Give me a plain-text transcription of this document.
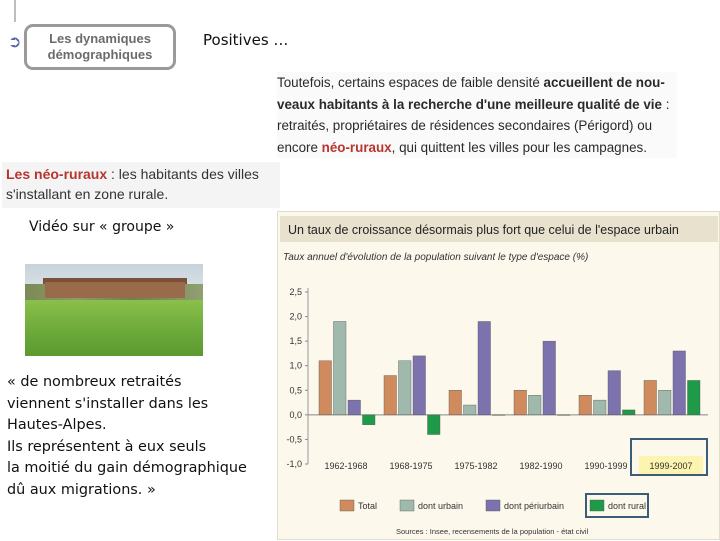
➲	Les dynamiques
démographiques
Positives …
Toutefois, certains espaces de faible densité accueillent de nou-veaux habitants à la recherche d'une meilleure qualité de vie : retraités, propriétaires de résidences secondaires (Périgord) ou encore néo-ruraux, qui quittent les villes pour les campagnes.
Les néo-ruraux : les habitants des villes s'installant en zone rurale.
Vidéo sur « groupe »
« de nombreux retraités
viennent s'installer dans les
Hautes-Alpes.
Ils représentent à eux seuls
la moitié du gain démographique
dû aux migrations. »
Un taux de croissance désormais plus fort que celui de l'espace urbain
Taux annuel d'évolution de la population suivant le type d'espace (%)
2,5
2,0
1,5
1,0
0,5
0,0
-0,5
-1,0 1962-1968 1968-1975 1975-1982 1982-1990 1990-1999 1999-2007
Total	dont urbain	dont périurbain	dont rural
Sources : Insee, recensements de la population - état civil
